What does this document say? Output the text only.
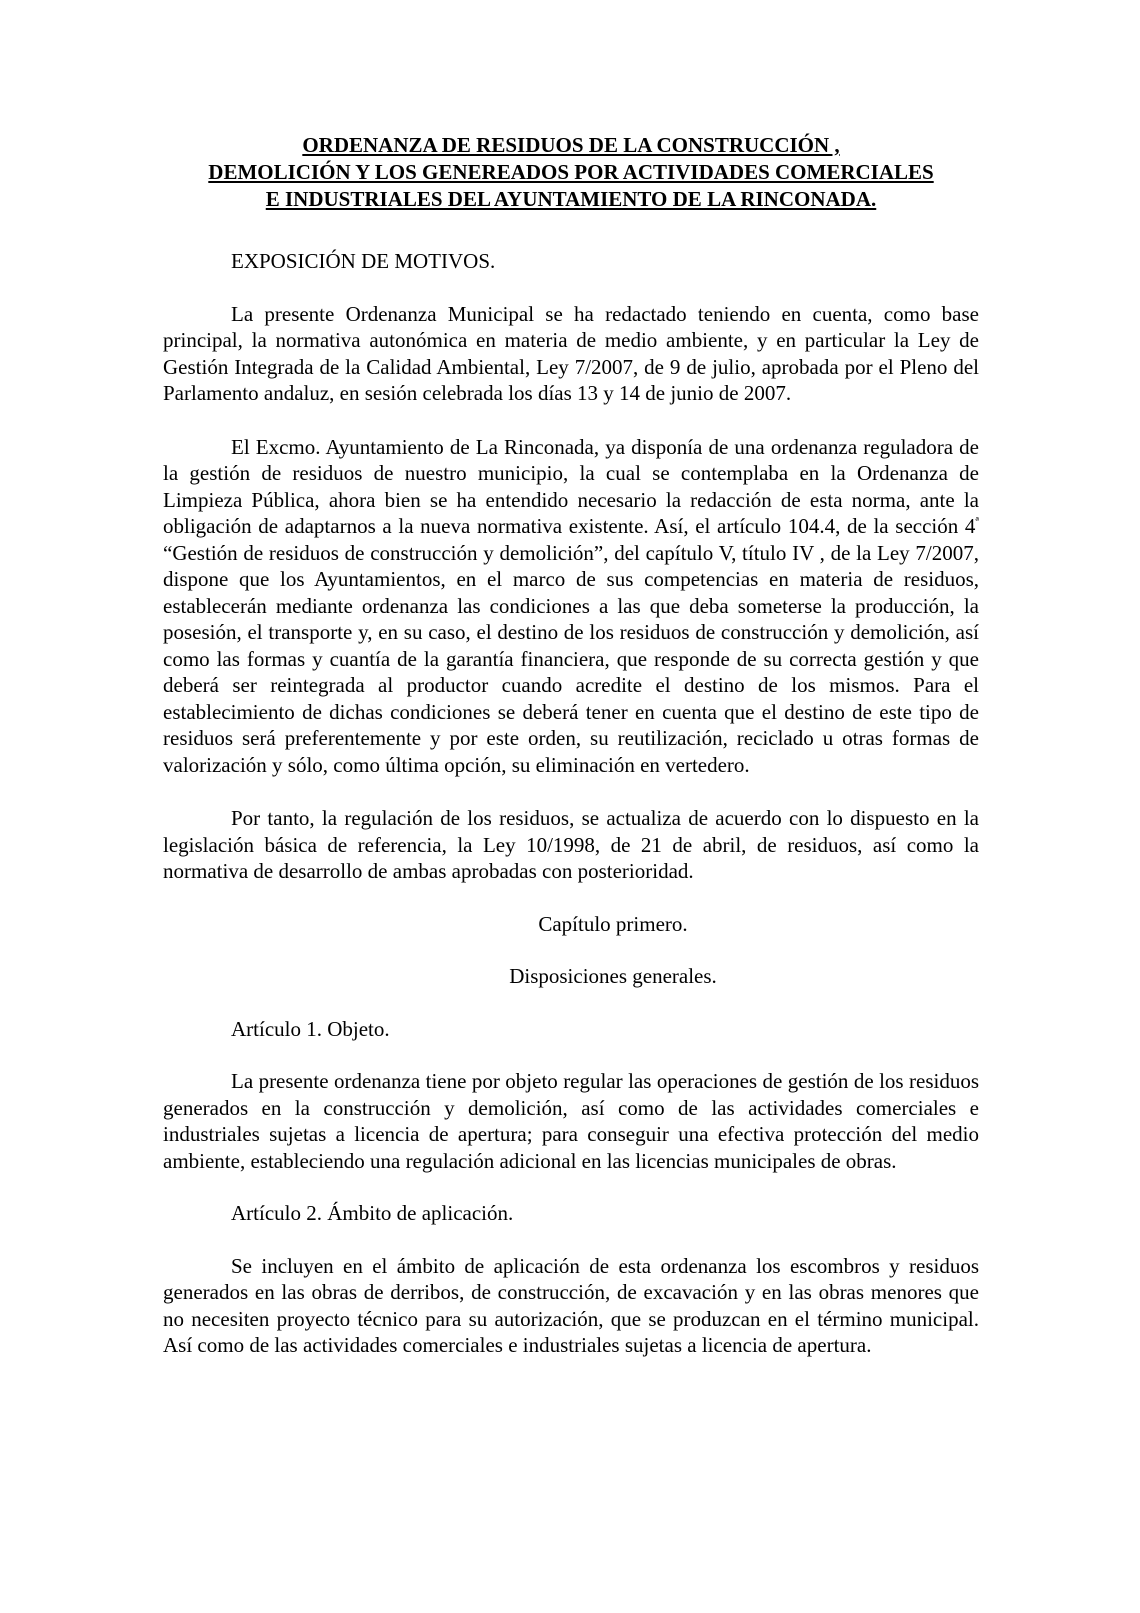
ORDENANZA DE RESIDUOS DE LA CONSTRUCCIÓN ,
DEMOLICIÓN Y LOS GENEREADOS POR ACTIVIDADES COMERCIALES
E INDUSTRIALES DEL AYUNTAMIENTO DE LA RINCONADA.

EXPOSICIÓN DE MOTIVOS.

La presente Ordenanza Municipal se ha redactado teniendo en cuenta, como base principal, la normativa autonómica en materia de medio ambiente, y en particular la Ley de Gestión Integrada de la Calidad Ambiental, Ley 7/2007, de 9 de julio, aprobada por el Pleno del Parlamento andaluz, en sesión celebrada los días 13 y 14 de junio de 2007.

El Excmo. Ayuntamiento de La Rinconada, ya disponía de una ordenanza reguladora de la gestión de residuos de nuestro municipio, la cual se contemplaba en la Ordenanza de Limpieza Pública, ahora bien se ha entendido necesario la redacción de esta norma, ante la obligación de adaptarnos a la nueva normativa existente. Así, el artículo 104.4, de la sección $4^ª$ “Gestión de residuos de construcción y demolición”, del capítulo V, título IV , de la Ley 7/2007, dispone que los Ayuntamientos, en el marco de sus competencias en materia de residuos, establecerán mediante ordenanza las condiciones a las que deba someterse la producción, la posesión, el transporte y, en su caso, el destino de los residuos de construcción y demolición, así como las formas y cuantía de la garantía financiera, que responde de su correcta gestión y que deberá ser reintegrada al productor cuando acredite el destino de los mismos. Para el establecimiento de dichas condiciones se deberá tener en cuenta que el destino de este tipo de residuos será preferentemente y por este orden, su reutilización, reciclado u otras formas de valorización y sólo, como última opción, su eliminación en vertedero.

Por tanto, la regulación de los residuos, se actualiza de acuerdo con lo dispuesto en la legislación básica de referencia, la Ley 10/1998, de 21 de abril, de residuos, así como la normativa de desarrollo de ambas aprobadas con posterioridad.

Capítulo primero.

Disposiciones generales.

Artículo 1. Objeto.

La presente ordenanza tiene por objeto regular las operaciones de gestión de los residuos generados en la construcción y demolición, así como de las actividades comerciales e industriales sujetas a licencia de apertura; para conseguir una efectiva protección del medio ambiente, estableciendo una regulación adicional en las licencias municipales de obras.

Artículo 2. Ámbito de aplicación.

Se incluyen en el ámbito de aplicación de esta ordenanza los escombros y residuos generados en las obras de derribos, de construcción, de excavación y en las obras menores que no necesiten proyecto técnico para su autorización, que se produzcan en el término municipal. Así como de las actividades comerciales e industriales sujetas a licencia de apertura.
